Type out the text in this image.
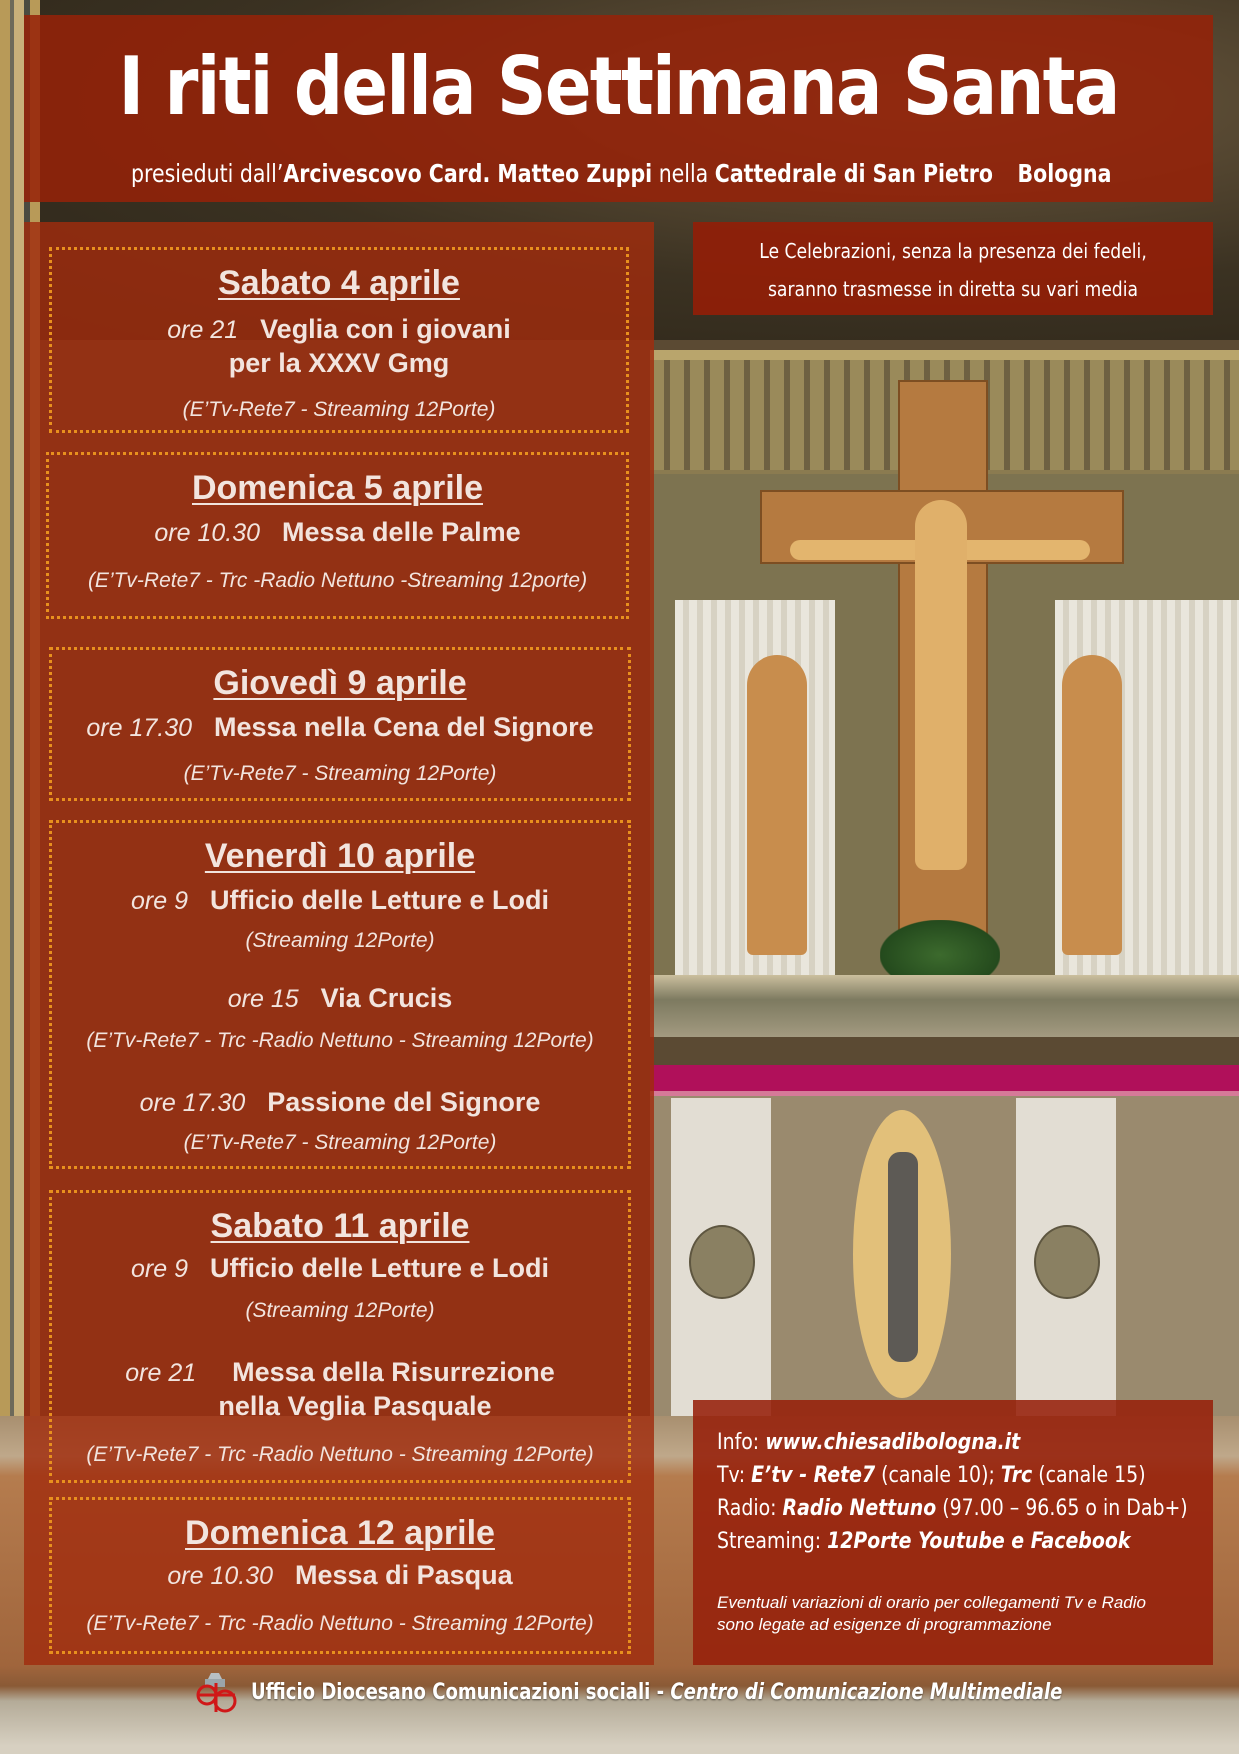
I riti della Settimana Santa
presieduti dall’Arcivescovo Card. Matteo Zuppi nella Cattedrale di San Pietro Bologna
Le Celebrazioni, senza la presenza dei fedeli,
saranno trasmesse in diretta su vari media
Sabato 4 aprile
ore 21 Veglia con i giovani
per la XXXV Gmg
(E’Tv-Rete7 - Streaming 12Porte)
Domenica 5 aprile
ore 10.30 Messa delle Palme
(E’Tv-Rete7 - Trc -Radio Nettuno -Streaming 12porte)
Giovedì 9 aprile
ore 17.30 Messa nella Cena del Signore
(E’Tv-Rete7 - Streaming 12Porte)
Venerdì 10 aprile
ore 9 Ufficio delle Letture e Lodi
(Streaming 12Porte)
ore 15 Via Crucis
(E’Tv-Rete7 - Trc -Radio Nettuno - Streaming 12Porte)
ore 17.30 Passione del Signore
(E’Tv-Rete7 - Streaming 12Porte)
Sabato 11 aprile
ore 9 Ufficio delle Letture e Lodi
(Streaming 12Porte)
ore 21 Messa della Risurrezione
nella Veglia Pasquale
(E’Tv-Rete7 - Trc -Radio Nettuno - Streaming 12Porte)
Domenica 12 aprile
ore 10.30 Messa di Pasqua
(E’Tv-Rete7 - Trc -Radio Nettuno - Streaming 12Porte)
Info: www.chiesadibologna.it
Tv: E’tv - Rete7 (canale 10); Trc (canale 15)
Radio: Radio Nettuno (97.00 – 96.65 o in Dab+)
Streaming: 12Porte Youtube e Facebook
Eventuali variazioni di orario per collegamenti Tv e Radio
sono legate ad esigenze di programmazione
Ufficio Diocesano Comunicazioni sociali - Centro di Comunicazione Multimediale
